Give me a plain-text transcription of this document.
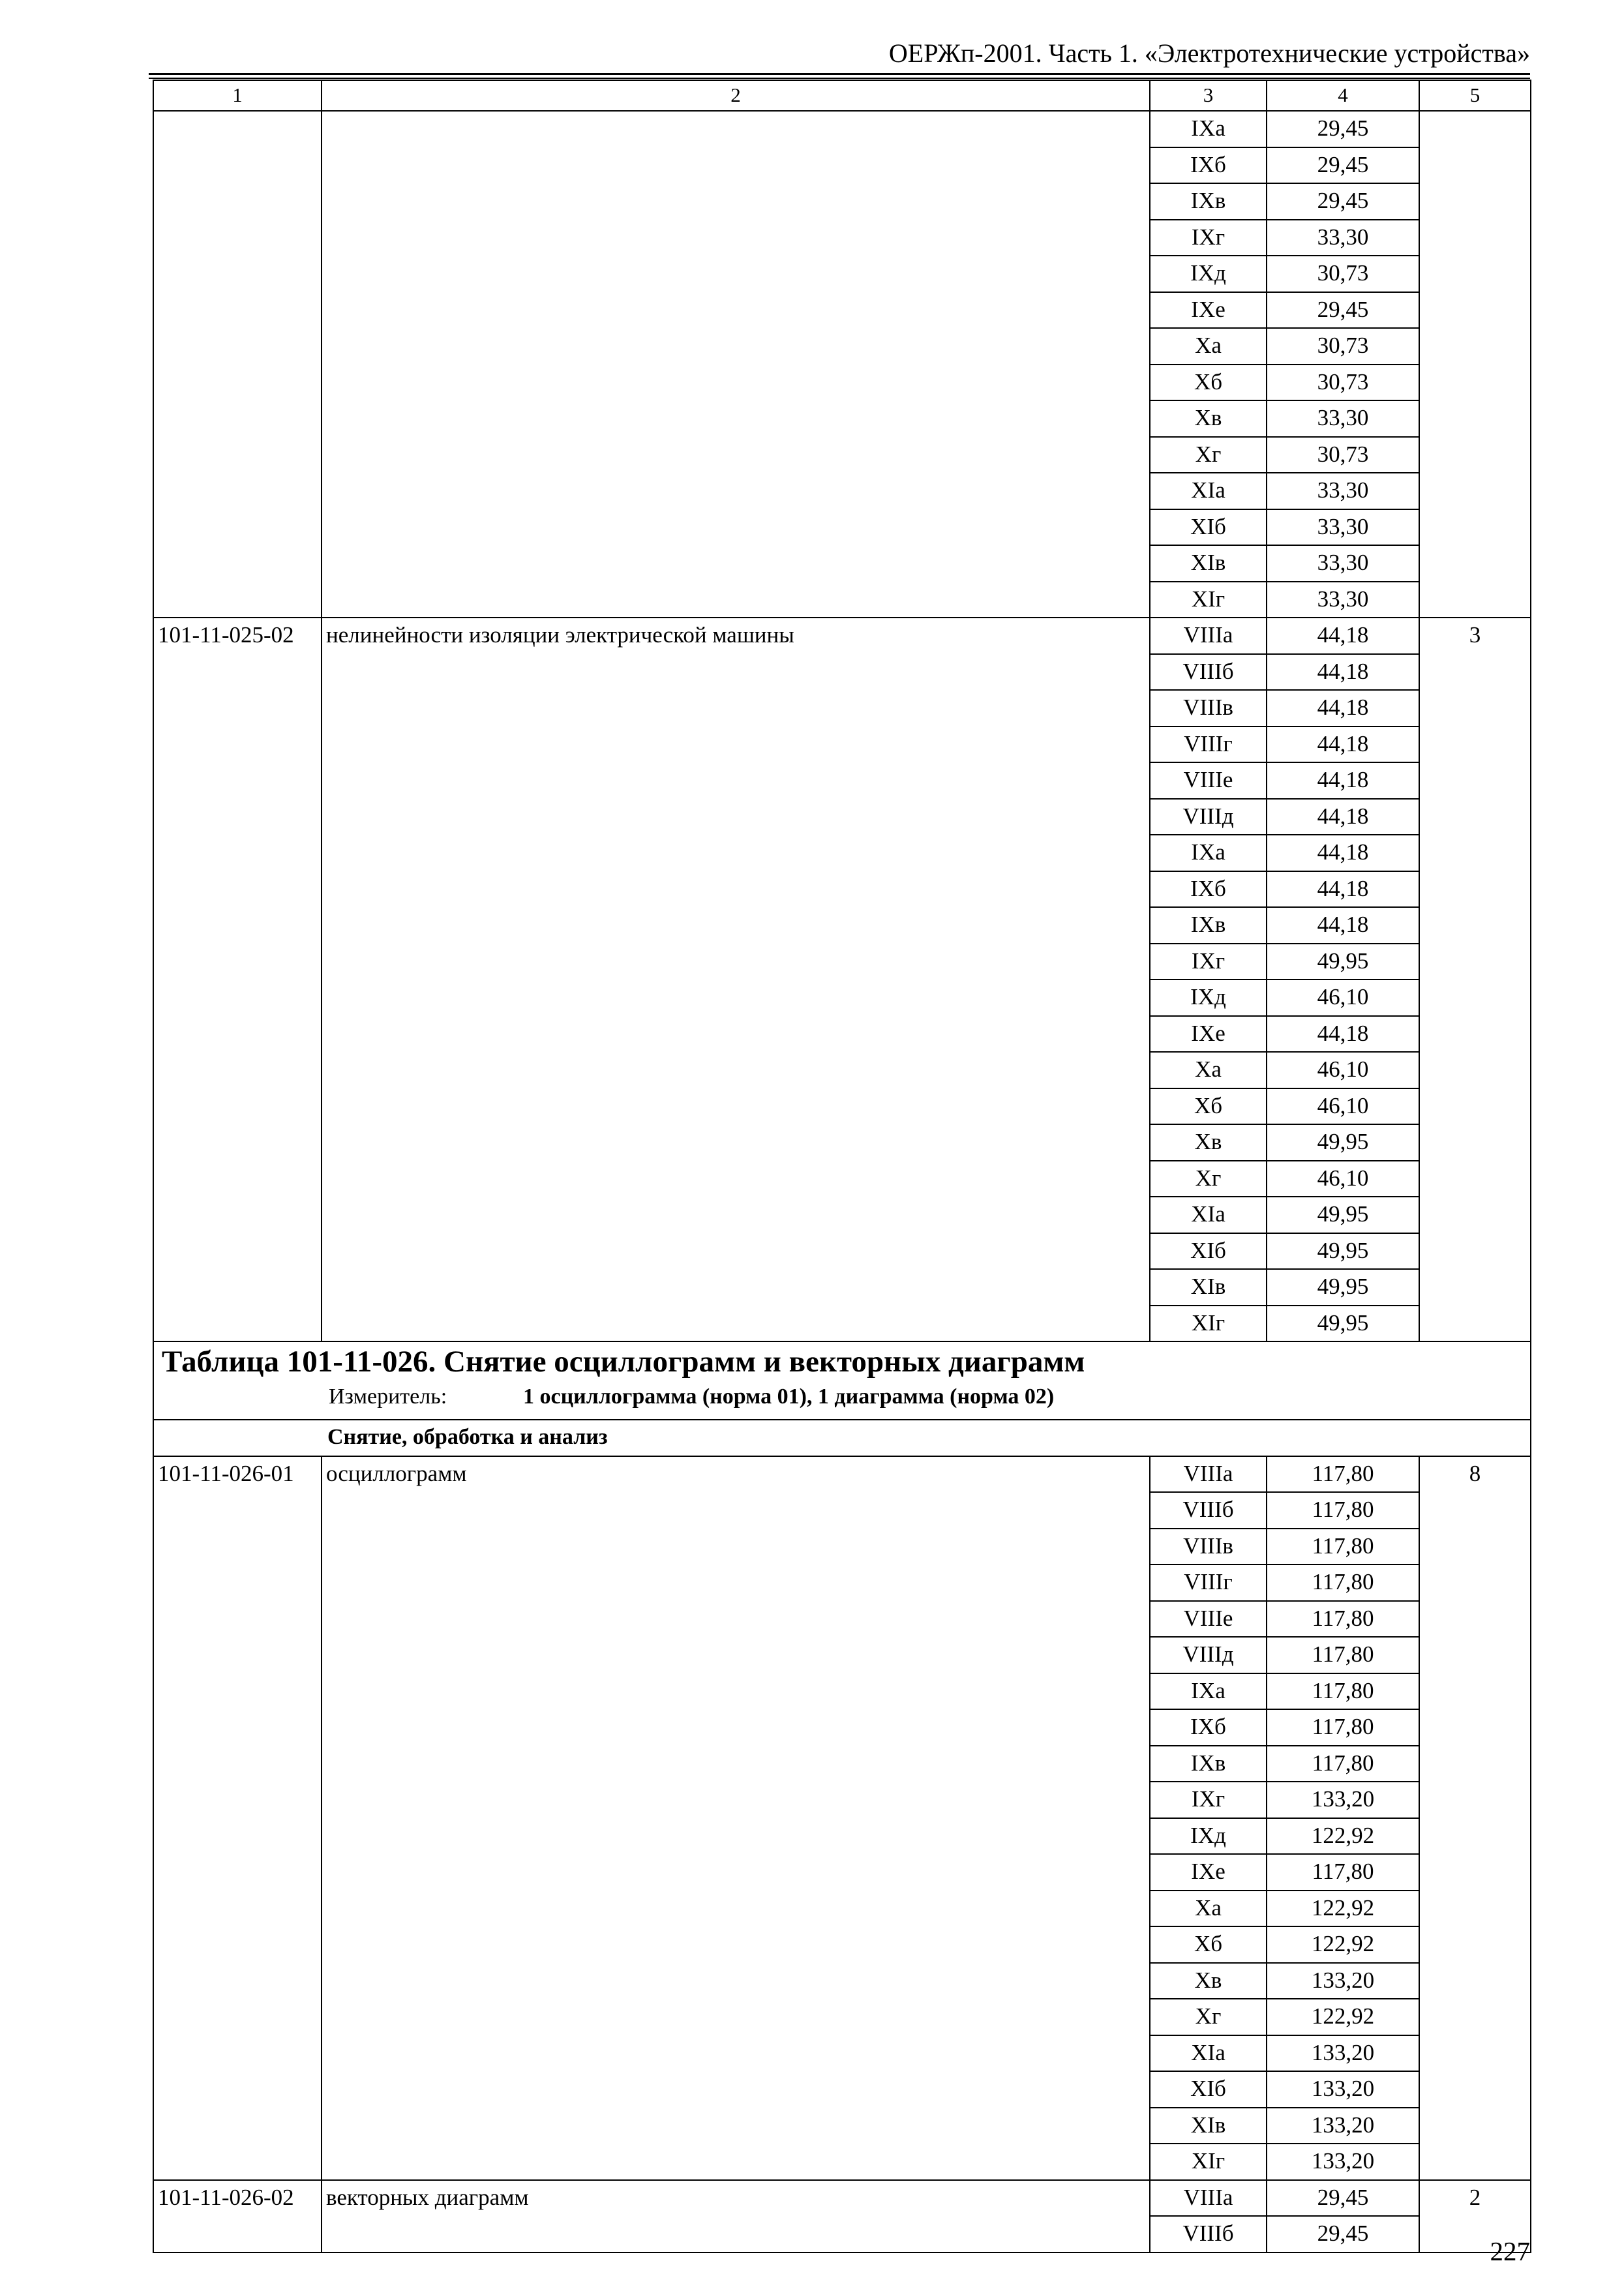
ОЕРЖп-2001. Часть 1. «Электротехнические устройства»
1	2	3	4	5
		IХа	29,45	
		IХб	29,45	
		IХв	29,45	
		IХг	33,30	
		IХд	30,73	
		IХе	29,45	
		Ха	30,73	
		Хб	30,73	
		Хв	33,30	
		Хг	30,73	
		ХIа	33,30	
		ХIб	33,30	
		ХIв	33,30	
		ХIг	33,30	
101-11-025-02	нелинейности изоляции электрической машины	VIIIа	44,18	3
		VIIIб	44,18	
		VIIIв	44,18	
		VIIIг	44,18	
		VIIIе	44,18	
		VIIIд	44,18	
		IХа	44,18	
		IХб	44,18	
		IХв	44,18	
		IХг	49,95	
		IХд	46,10	
		IХе	44,18	
		Ха	46,10	
		Хб	46,10	
		Хв	49,95	
		Хг	46,10	
		ХIа	49,95	
		ХIб	49,95	
		ХIв	49,95	
		ХIг	49,95	

Таблица 101-11-026. Снятие осциллограмм и векторных диаграмм
Измеритель: 1 осциллограмма (норма 01), 1 диаграмма (норма 02)				

Снятие, обработка и анализ				
101-11-026-01	осциллограмм	VIIIа	117,80	8
		VIIIб	117,80	
		VIIIв	117,80	
		VIIIг	117,80	
		VIIIе	117,80	
		VIIIд	117,80	
		IХа	117,80	
		IХб	117,80	
		IХв	117,80	
		IХг	133,20	
		IХд	122,92	
		IХе	117,80	
		Ха	122,92	
		Хб	122,92	
		Хв	133,20	
		Хг	122,92	
		ХIа	133,20	
		ХIб	133,20	
		ХIв	133,20	
		ХIг	133,20	
101-11-026-02	векторных диаграмм	VIIIа	29,45	2
		VIIIб	29,45	
227
